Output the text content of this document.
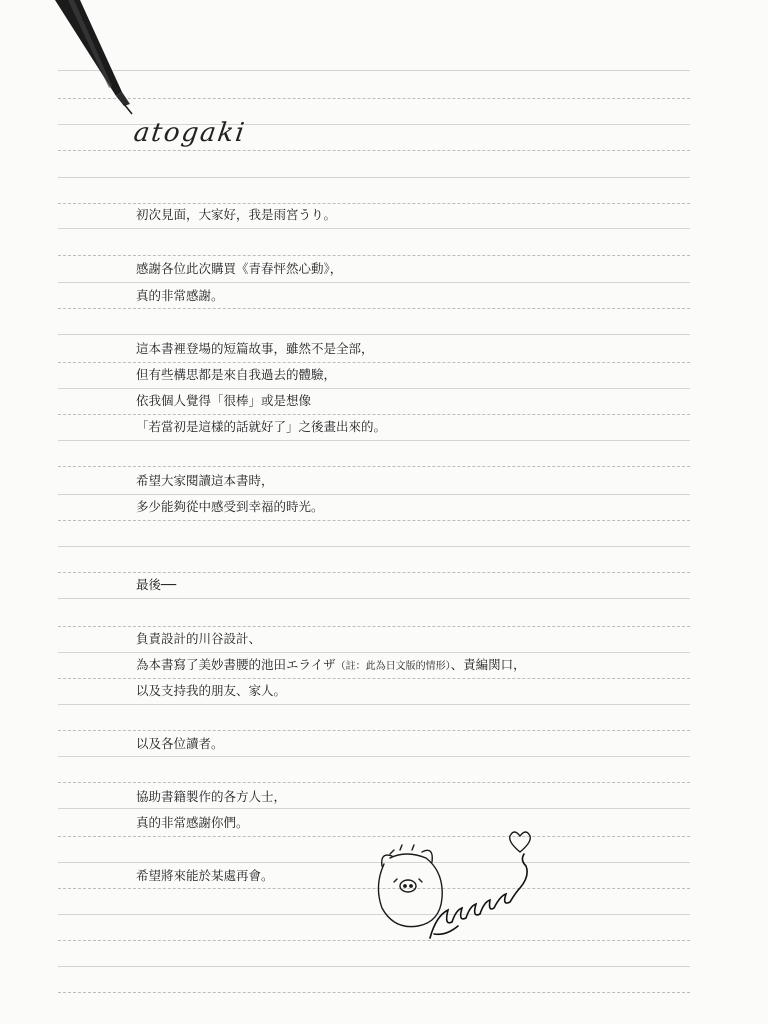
atogaki
初次見面，大家好，我是雨宮うり。
感謝各位此次購買《青春怦然心動》，
真的非常感謝。
這本書裡登場的短篇故事，雖然不是全部，
但有些構思都是來自我過去的體驗，
依我個人覺得「很棒」或是想像
「若當初是這樣的話就好了」之後畫出來的。
希望大家閱讀這本書時，
多少能夠從中感受到幸福的時光。
最後──
負責設計的川谷設計、
為本書寫了美妙書腰的池田エライザ（註：此為日文版的情形）、責編関口，
以及支持我的朋友、家人。
以及各位讀者。
協助書籍製作的各方人士，
真的非常感謝你們。
希望將來能於某處再會。
mamiya
